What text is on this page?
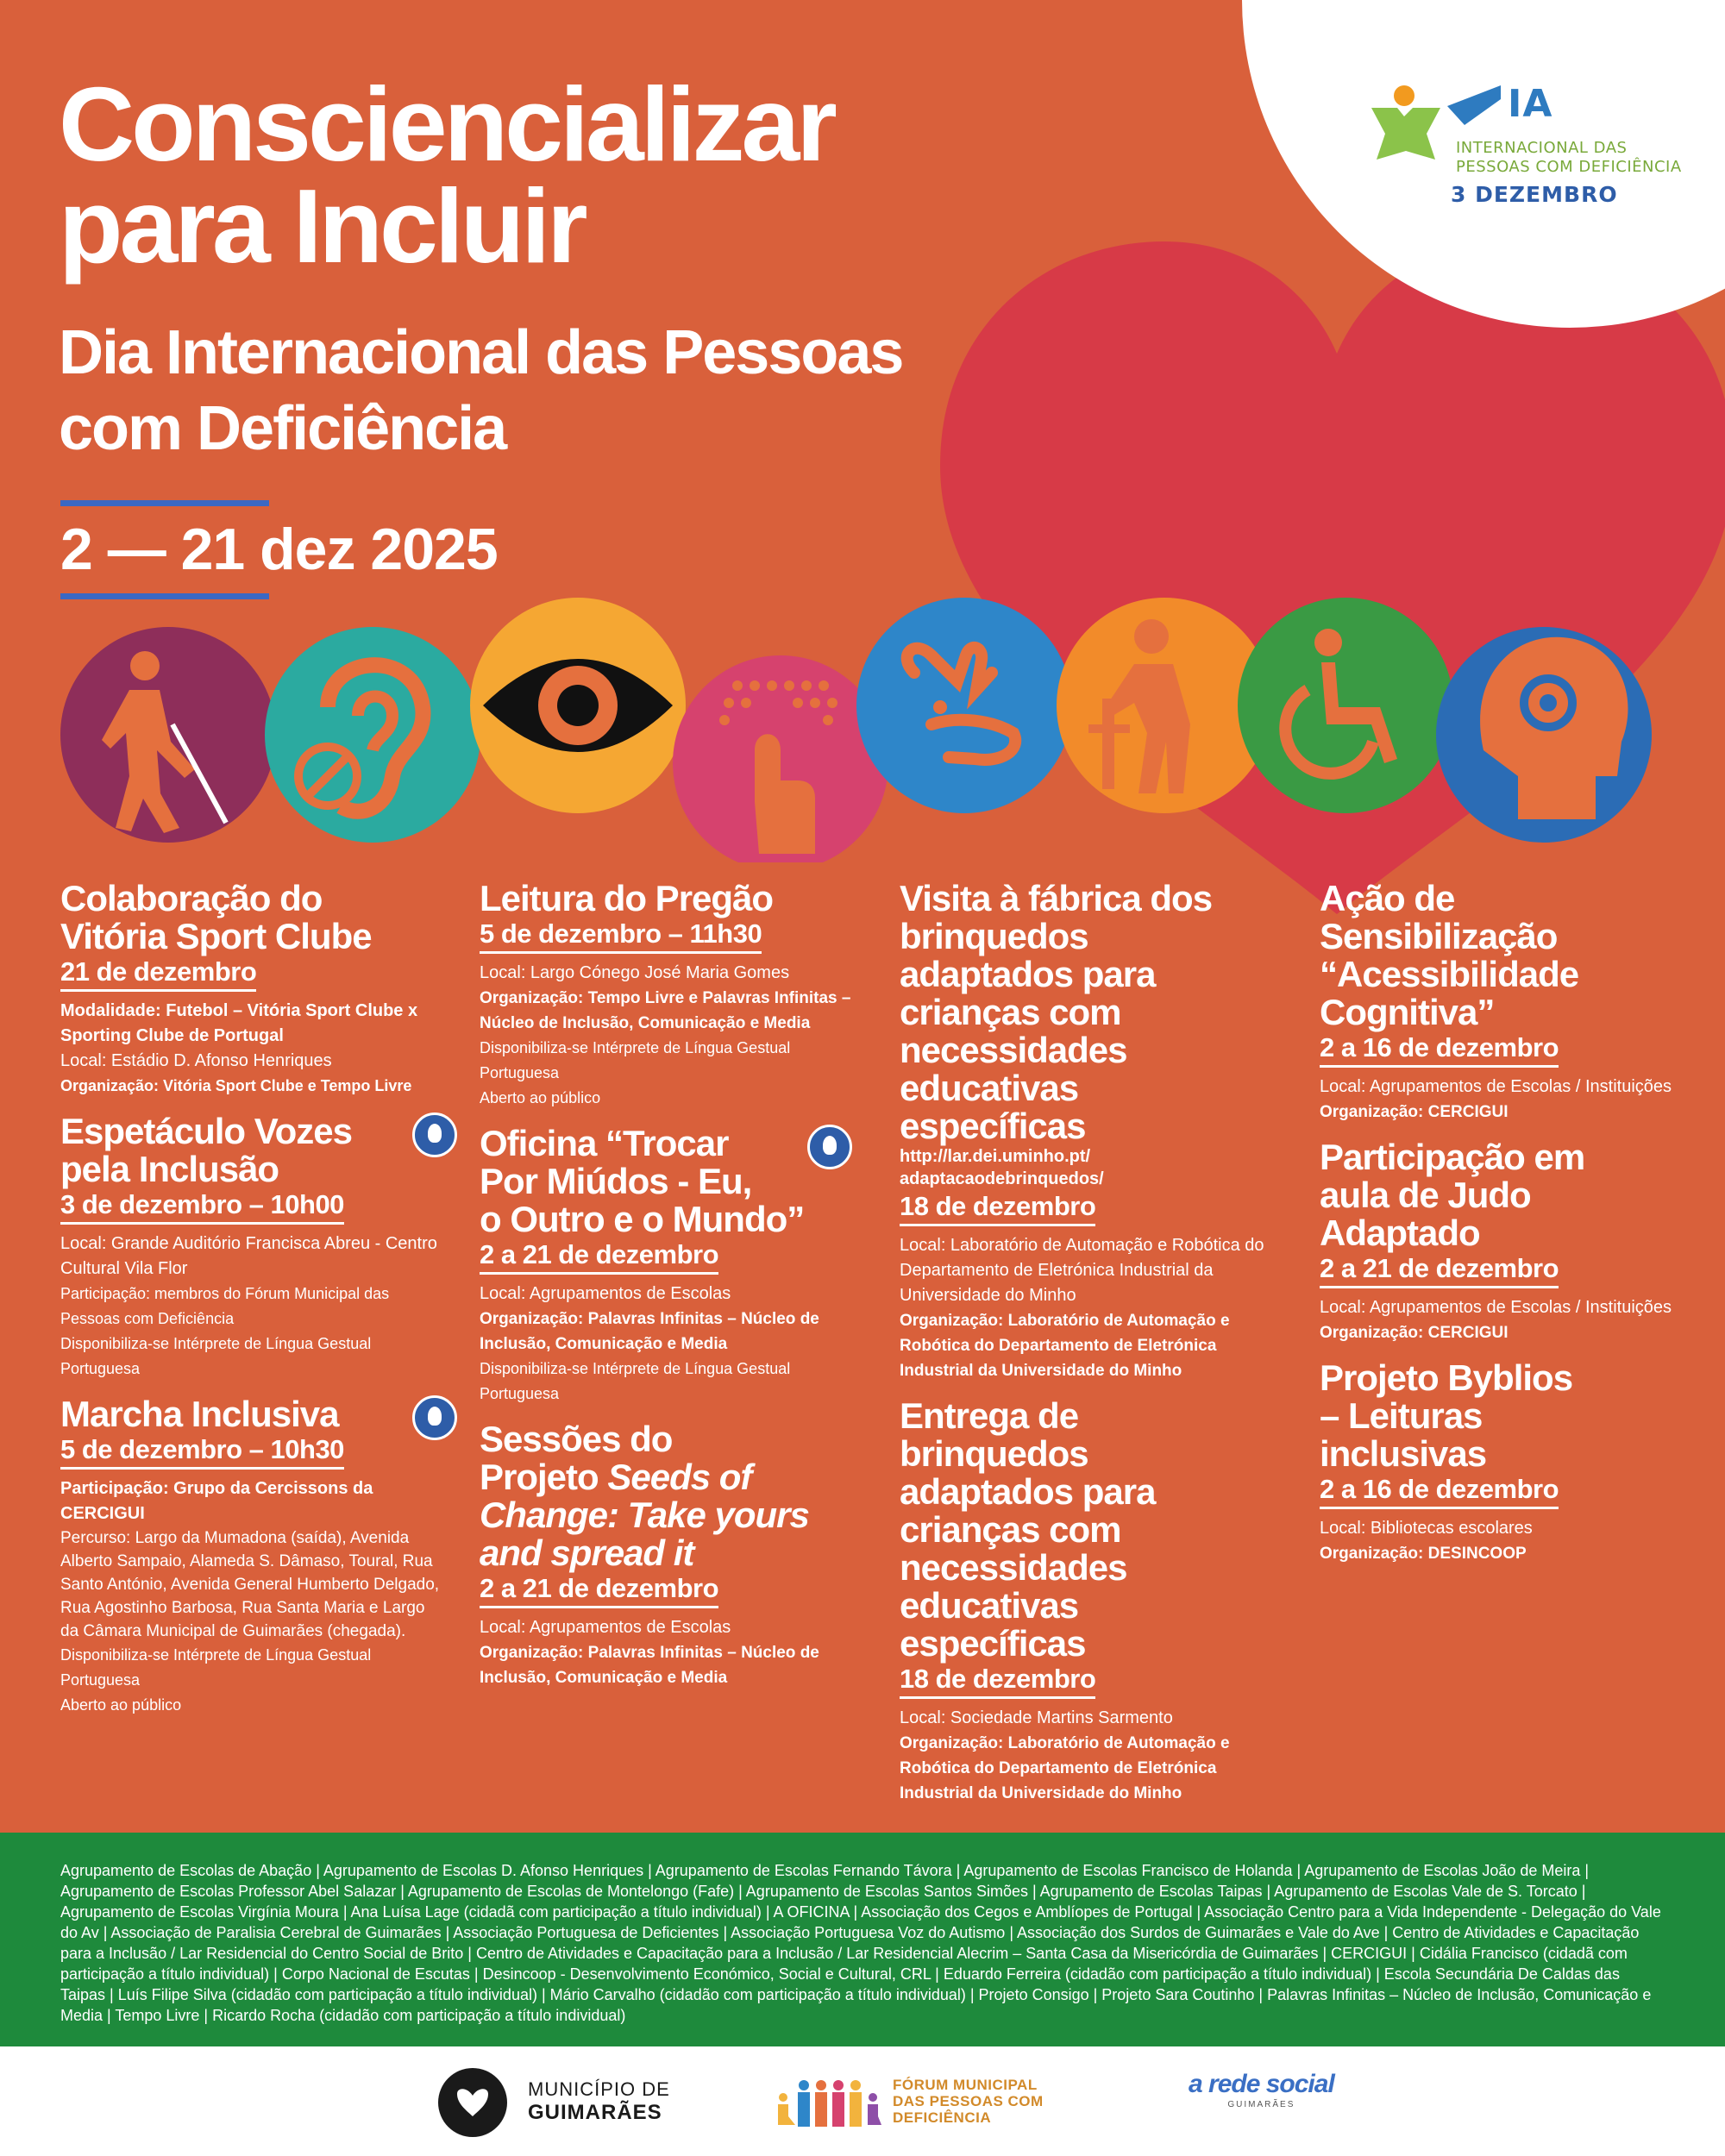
IA
INTERNACIONAL DAS
PESSOAS COM DEFICIÊNCIA
3 DEZEMBRO
Consciencializar
para Incluir
Dia Internacional das Pessoas
com Deficiência
2 — 21 dez 2025
Colaboração do
Vitória Sport Clube
21 de dezembro
Modalidade: Futebol – Vitória Sport Clube x Sporting Clube de Portugal
Local: Estádio D. Afonso Henriques
Organização: Vitória Sport Clube e Tempo Livre
Espetáculo Vozes
pela Inclusão
3 de dezembro – 10h00
Local: Grande Auditório Francisca Abreu - Centro Cultural Vila Flor
Participação: membros do Fórum Municipal das Pessoas com Deficiência
Disponibiliza-se Intérprete de Língua Gestual Portuguesa
Marcha Inclusiva
5 de dezembro – 10h30
Participação: Grupo da Cercissons da CERCIGUI
Percurso: Largo da Mumadona (saída), Avenida Alberto Sampaio, Alameda S. Dâmaso, Toural, Rua Santo António, Avenida General Humberto Delgado, Rua Agostinho Barbosa, Rua Santa Maria e Largo da Câmara Municipal de Guimarães (chegada).
Disponibiliza-se Intérprete de Língua Gestual Portuguesa
Aberto ao público
Leitura do Pregão
5 de dezembro – 11h30
Local: Largo Cónego José Maria Gomes
Organização: Tempo Livre e Palavras Infinitas – Núcleo de Inclusão, Comunicação e Media
Disponibiliza-se Intérprete de Língua Gestual Portuguesa
Aberto ao público
Oficina “Trocar
Por Miúdos - Eu,
o Outro e o Mundo”
2 a 21 de dezembro
Local: Agrupamentos de Escolas
Organização: Palavras Infinitas – Núcleo de Inclusão, Comunicação e Media
Disponibiliza-se Intérprete de Língua Gestual Portuguesa
Sessões do
Projeto Seeds of
Change: Take yours
and spread it
2 a 21 de dezembro
Local: Agrupamentos de Escolas
Organização: Palavras Infinitas – Núcleo de Inclusão, Comunicação e Media
Visita à fábrica dos
brinquedos
adaptados para
crianças com
necessidades
educativas
específicas
http://lar.dei.uminho.pt/
adaptacaodebrinquedos/
18 de dezembro
Local: Laboratório de Automação e Robótica do Departamento de Eletrónica Industrial da Universidade do Minho
Organização: Laboratório de Automação e Robótica do Departamento de Eletrónica Industrial da Universidade do Minho
Entrega de
brinquedos
adaptados para
crianças com
necessidades
educativas
específicas
18 de dezembro
Local: Sociedade Martins Sarmento
Organização: Laboratório de Automação e Robótica do Departamento de Eletrónica Industrial da Universidade do Minho
Ação de
Sensibilização
“Acessibilidade
Cognitiva”
2 a 16 de dezembro
Local: Agrupamentos de Escolas / Instituições
Organização: CERCIGUI
Participação em
aula de Judo
Adaptado
2 a 21 de dezembro
Local: Agrupamentos de Escolas / Instituições
Organização: CERCIGUI
Projeto Byblios
– Leituras
inclusivas
2 a 16 de dezembro
Local: Bibliotecas escolares
Organização: DESINCOOP
Agrupamento de Escolas de Abação | Agrupamento de Escolas D. Afonso Henriques | Agrupamento de Escolas Fernando Távora | Agrupamento de Escolas Francisco de Holanda | Agrupamento de Escolas João de Meira | Agrupamento de Escolas Professor Abel Salazar | Agrupamento de Escolas de Montelongo (Fafe) | Agrupamento de Escolas Santos Simões | Agrupamento de Escolas Taipas | Agrupamento de Escolas Vale de S. Torcato | Agrupamento de Escolas Virgínia Moura | Ana Luísa Lage (cidadã com participação a título individual) | A OFICINA | Associação dos Cegos e Amblíopes de Portugal | Associação Centro para a Vida Independente - Delegação do Vale do Av | Associação de Paralisia Cerebral de Guimarães | Associação Portuguesa de Deficientes | Associação Portuguesa Voz do Autismo | Associação dos Surdos de Guimarães e Vale do Ave | Centro de Atividades e Capacitação para a Inclusão / Lar Residencial do Centro Social de Brito | Centro de Atividades e Capacitação para a Inclusão / Lar Residencial Alecrim – Santa Casa da Misericórdia de Guimarães | CERCIGUI | Cidália Francisco (cidadã com participação a título individual) | Corpo Nacional de Escutas | Desincoop - Desenvolvimento Económico, Social e Cultural, CRL | Eduardo Ferreira (cidadão com participação a título individual) | Escola Secundária De Caldas das Taipas | Luís Filipe Silva (cidadão com participação a título individual) | Mário Carvalho (cidadão com participação a título individual) | Projeto Consigo | Projeto Sara Coutinho | Palavras Infinitas – Núcleo de Inclusão, Comunicação e Media | Tempo Livre | Ricardo Rocha (cidadão com participação a título individual)
MUNICÍPIO DE
GUIMARÃES
FÓRUM MUNICIPAL
DAS PESSOAS COM
DEFICIÊNCIA
a rede social
GUIMARÃES
